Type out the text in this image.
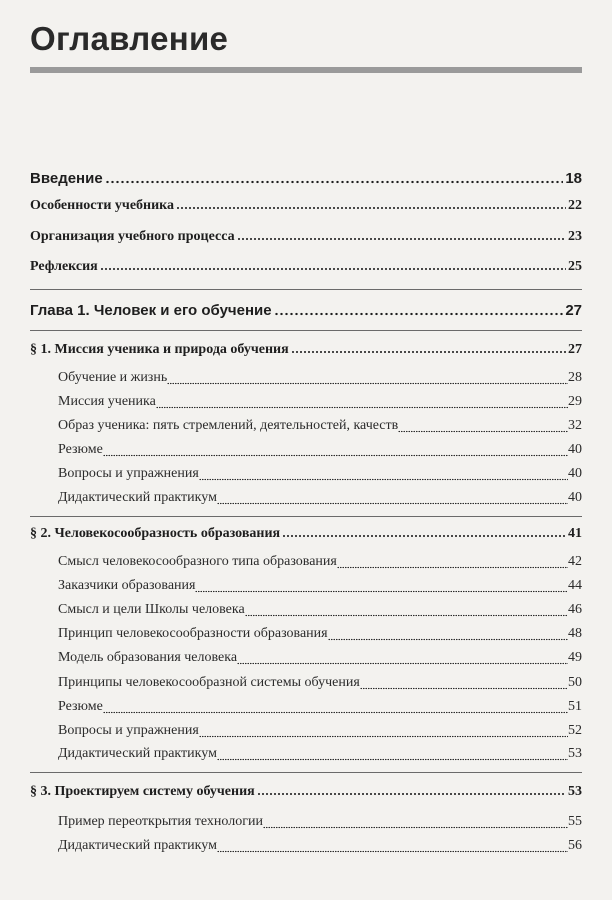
Оглавление
Введение	18
Особенности учебника	22
Организация учебного процесса	23
Рефлексия	25
Глава 1. Человек и его обучение	27
§ 1. Миссия ученика и природа обучения	27
Обучение и жизнь	28
Миссия ученика	29
Образ ученика: пять стремлений, деятельностей, качеств	32
Резюме	40
Вопросы и упражнения	40
Дидактический практикум	40
§ 2. Человекосообразность образования	41
Смысл человекосообразного типа образования	42
Заказчики образования	44
Смысл и цели Школы человека	46
Принцип человекосообразности образования	48
Модель образования человека	49
Принципы человекосообразной системы обучения	50
Резюме	51
Вопросы и упражнения	52
Дидактический практикум	53
§ 3. Проектируем систему обучения	53
Пример переоткрытия технологии	55
Дидактический практикум	56
